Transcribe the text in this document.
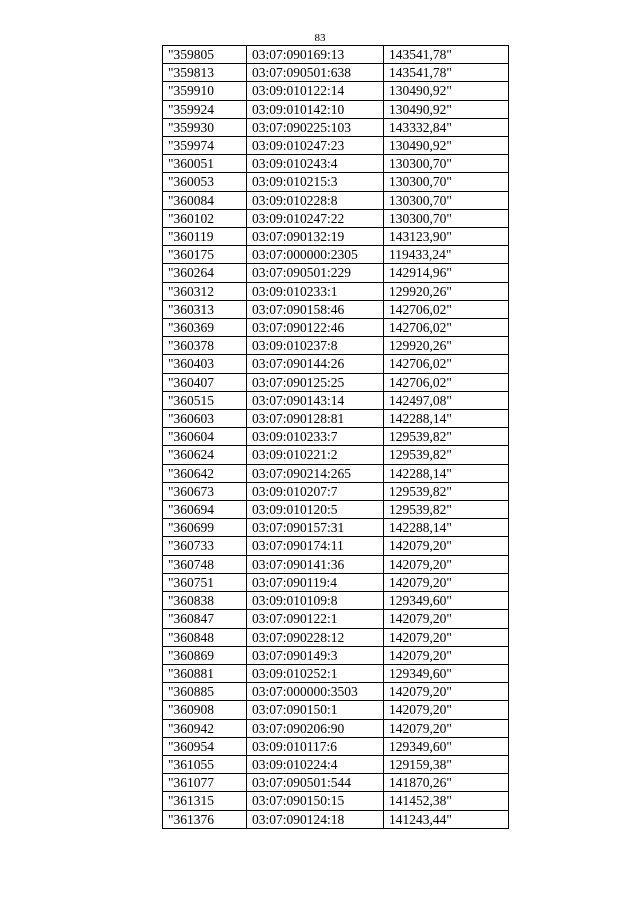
83
"359805	03:07:090169:13	143541,78"
"359813	03:07:090501:638	143541,78"
"359910	03:09:010122:14	130490,92"
"359924	03:09:010142:10	130490,92"
"359930	03:07:090225:103	143332,84"
"359974	03:09:010247:23	130490,92"
"360051	03:09:010243:4	130300,70"
"360053	03:09:010215:3	130300,70"
"360084	03:09:010228:8	130300,70"
"360102	03:09:010247:22	130300,70"
"360119	03:07:090132:19	143123,90"
"360175	03:07:000000:2305	119433,24"
"360264	03:07:090501:229	142914,96"
"360312	03:09:010233:1	129920,26"
"360313	03:07:090158:46	142706,02"
"360369	03:07:090122:46	142706,02"
"360378	03:09:010237:8	129920,26"
"360403	03:07:090144:26	142706,02"
"360407	03:07:090125:25	142706,02"
"360515	03:07:090143:14	142497,08"
"360603	03:07:090128:81	142288,14"
"360604	03:09:010233:7	129539,82"
"360624	03:09:010221:2	129539,82"
"360642	03:07:090214:265	142288,14"
"360673	03:09:010207:7	129539,82"
"360694	03:09:010120:5	129539,82"
"360699	03:07:090157:31	142288,14"
"360733	03:07:090174:11	142079,20"
"360748	03:07:090141:36	142079,20"
"360751	03:07:090119:4	142079,20"
"360838	03:09:010109:8	129349,60"
"360847	03:07:090122:1	142079,20"
"360848	03:07:090228:12	142079,20"
"360869	03:07:090149:3	142079,20"
"360881	03:09:010252:1	129349,60"
"360885	03:07:000000:3503	142079,20"
"360908	03:07:090150:1	142079,20"
"360942	03:07:090206:90	142079,20"
"360954	03:09:010117:6	129349,60"
"361055	03:09:010224:4	129159,38"
"361077	03:07:090501:544	141870,26"
"361315	03:07:090150:15	141452,38"
"361376	03:07:090124:18	141243,44"
